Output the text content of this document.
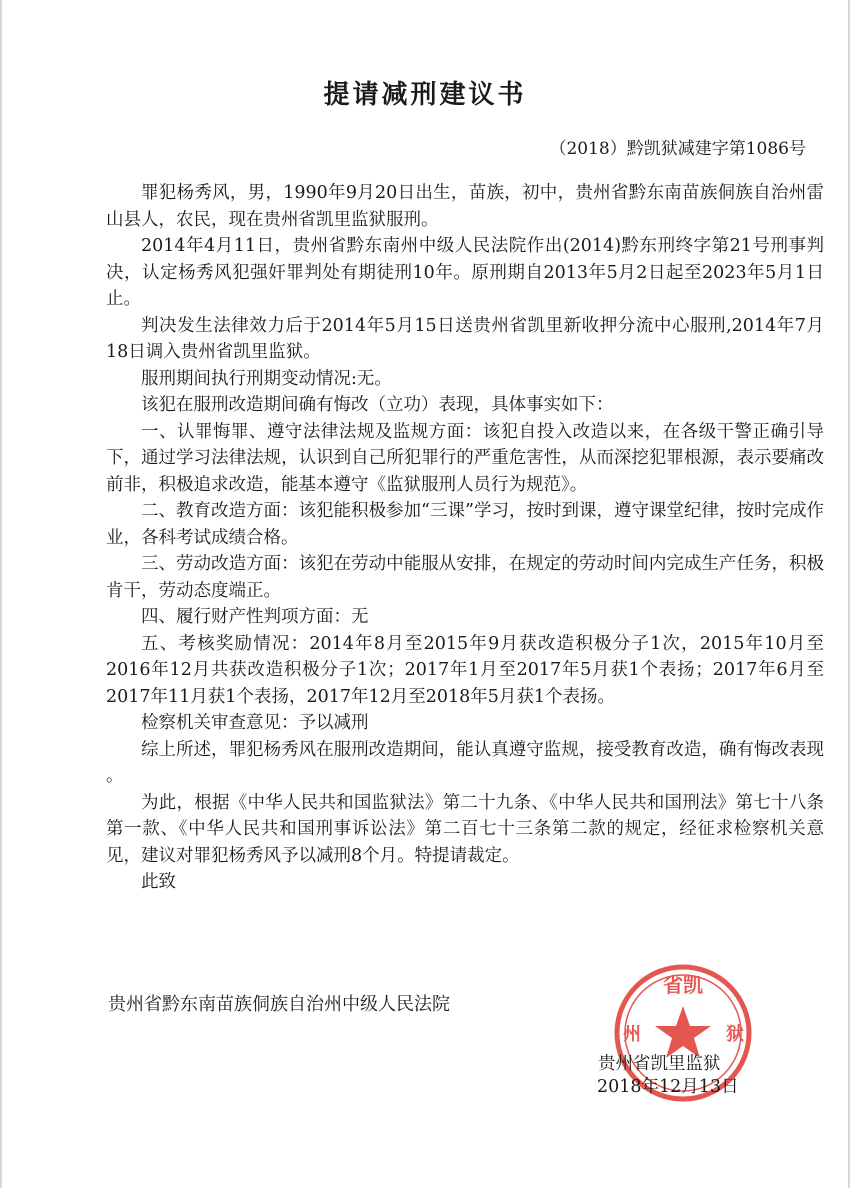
提请减刑建议书
（2018）黔凯狱减建字第1086号

罪犯杨秀风，男，1990年9月20日出生，苗族，初中，贵州省黔东南苗族侗族自治州雷山县人，农民，现在贵州省凯里监狱服刑。

2014年4月11日，贵州省黔东南州中级人民法院作出(2014)黔东刑终字第21号刑事判决，认定杨秀风犯强奸罪判处有期徒刑10年。原刑期自2013年5月2日起至2023年5月1日止。

判决发生法律效力后于2014年5月15日送贵州省凯里新收押分流中心服刑,2014年7月18日调入贵州省凯里监狱。

服刑期间执行刑期变动情况:无。

该犯在服刑改造期间确有悔改（立功）表现，具体事实如下：

一、认罪悔罪、遵守法律法规及监规方面：该犯自投入改造以来，在各级干警正确引导下，通过学习法律法规，认识到自己所犯罪行的严重危害性，从而深挖犯罪根源，表示要痛改前非，积极追求改造，能基本遵守《监狱服刑人员行为规范》。

二、教育改造方面：该犯能积极参加“三课”学习，按时到课，遵守课堂纪律，按时完成作业，各科考试成绩合格。

三、劳动改造方面：该犯在劳动中能服从安排，在规定的劳动时间内完成生产任务，积极肯干，劳动态度端正。

四、履行财产性判项方面：无

五、考核奖励情况：2014年8月至2015年9月获改造积极分子1次，2015年10月至2016年12月共获改造积极分子1次；2017年1月至2017年5月获1个表扬；2017年6月至2017年11月获1个表扬，2017年12月至2018年5月获1个表扬。

检察机关审查意见：予以减刑

综上所述，罪犯杨秀风在服刑改造期间，能认真遵守监规，接受教育改造，确有悔改表现 。

为此，根据《中华人民共和国监狱法》第二十九条、《中华人民共和国刑法》第七十八条第一款、《中华人民共和国刑事诉讼法》第二百七十三条第二款的规定，经征求检察机关意见，建议对罪犯杨秀风予以减刑8个月。特提请裁定。

此致

贵州省黔东南苗族侗族自治州中级人民法院
省凯
州	狱
贵州省凯里监狱
2018年12月13日
